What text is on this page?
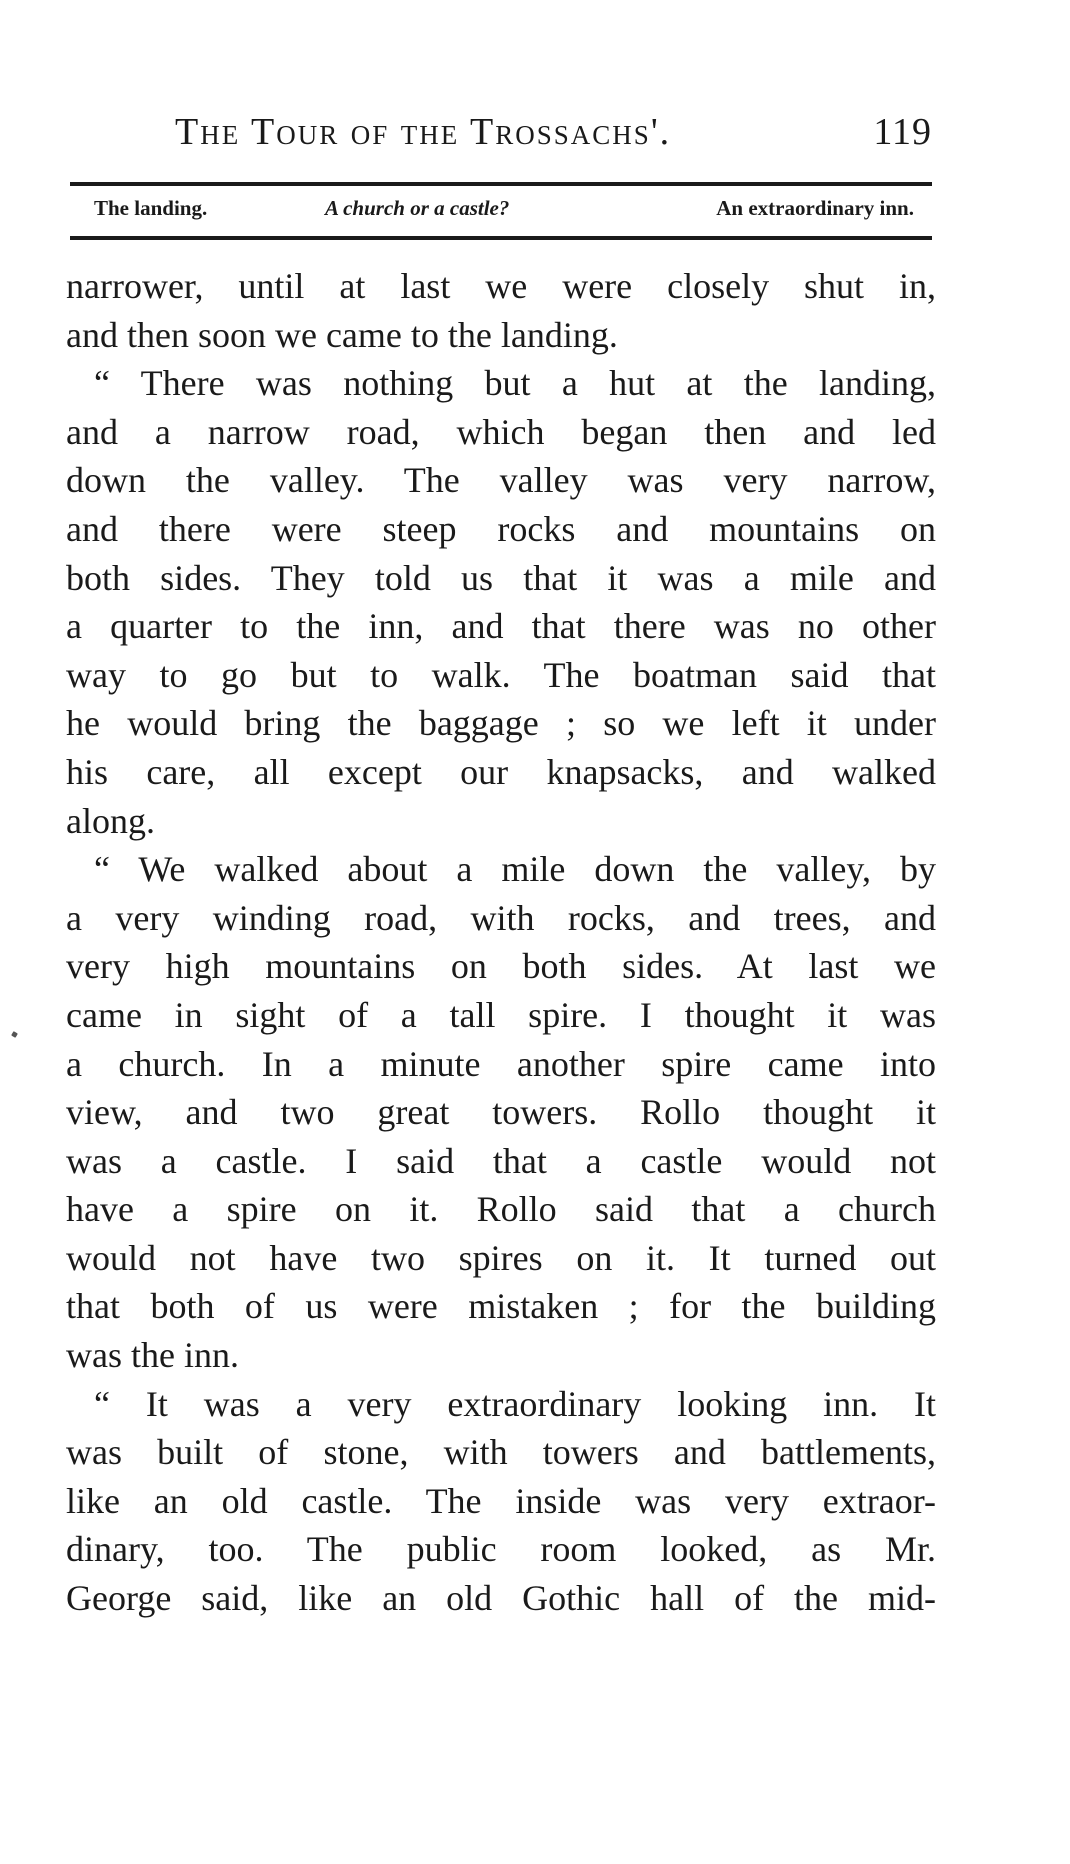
The Tour of the Trossachs'.	119
The landing.	A church or a castle?	An extraordinary inn.
narrower, until at last we were closely shut in,
and then soon we came to the landing.
“ There was nothing but a hut at the landing,
and a narrow road, which began then and led
down the valley. The valley was very narrow,
and there were steep rocks and mountains on
both sides. They told us that it was a mile and
a quarter to the inn, and that there was no other
way to go but to walk. The boatman said that
he would bring the baggage ; so we left it under
his care, all except our knapsacks, and walked
along.
“ We walked about a mile down the valley, by
a very winding road, with rocks, and trees, and
very high mountains on both sides. At last we
came in sight of a tall spire. I thought it was
a church. In a minute another spire came into
view, and two great towers. Rollo thought it
was a castle. I said that a castle would not
have a spire on it. Rollo said that a church
would not have two spires on it. It turned out
that both of us were mistaken ; for the building
was the inn.
“ It was a very extraordinary looking inn. It
was built of stone, with towers and battlements,
like an old castle. The inside was very extraor-
dinary, too. The public room looked, as Mr.
George said, like an old Gothic hall of the mid-
